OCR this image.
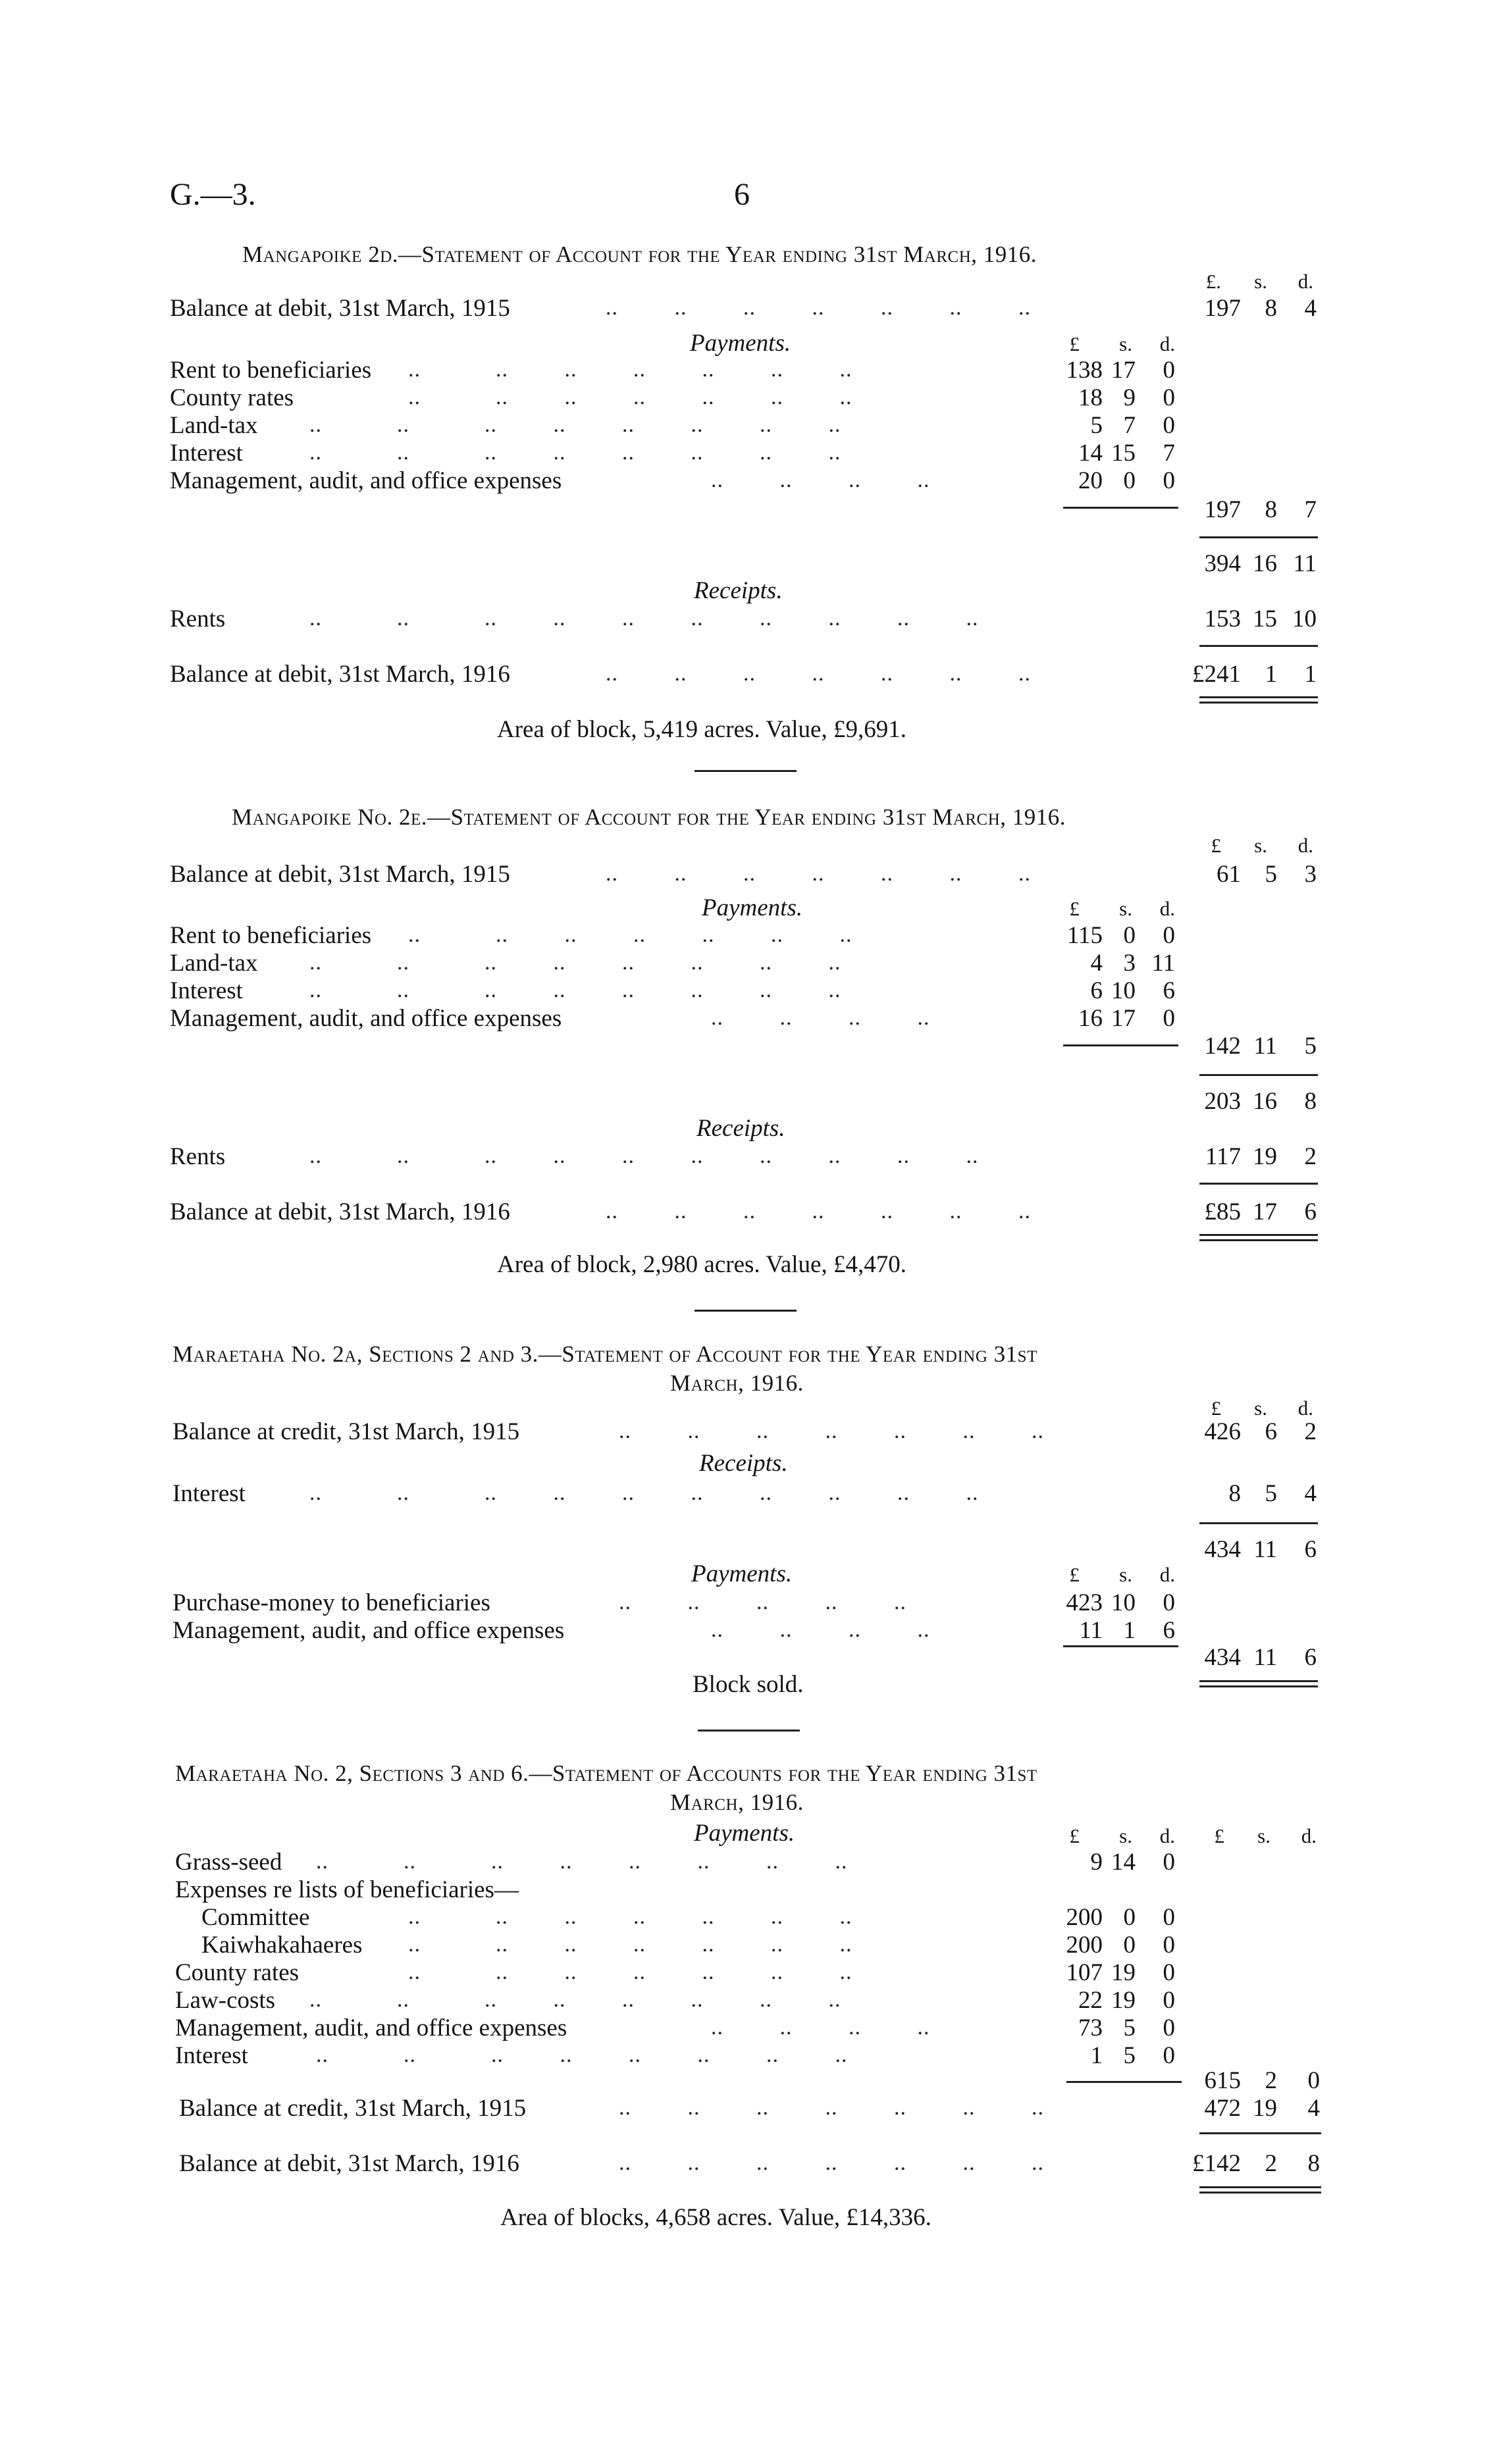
G.—3.	6
Mangapoike 2d.—Statement of Account for the Year ending 31st March, 1916.
£.	s.	d.
Balance at debit, 31st March, 1915	..         ..         ..         ..         ..         ..         ..	197 8	4
Payments.	£	s.	d.
Rent to beneficiaries ..            ..         ..         ..         ..         ..         ..	138 17	0
County rates	..            ..         ..         ..         ..         ..         ..	18 9	0
Land-tax ..            ..            ..         ..         ..         ..         ..         ..	5 7	0
Interest	..            ..            ..         ..         ..         ..         ..         ..	14 15	7
Management, audit, and office expenses	..         ..         ..         ..	20 0	0
197 8	7
394 16 11
Receipts.
Rents	..            ..            ..         ..         ..         ..         ..         ..         ..         ..	153 15 10
Balance at debit, 31st March, 1916	..         ..         ..         ..         ..         ..         ..	£241 1	1
Area of block, 5,419 acres. Value, £9,691.
Mangapoike No. 2e.—Statement of Account for the Year ending 31st March, 1916.
£	s.	d.
Balance at debit, 31st March, 1915	..         ..         ..         ..         ..         ..         ..	61 5	3
Payments.	£	s.	d.
Rent to beneficiaries ..            ..         ..         ..         ..         ..         ..	115 0	0
Land-tax ..            ..            ..         ..         ..         ..         ..         ..	4 3 11
Interest	..            ..            ..         ..         ..         ..         ..         ..	6 10	6
Management, audit, and office expenses	..         ..         ..         ..	16 17	0
142 11	5
203 16	8
Receipts.
Rents	..            ..            ..         ..         ..         ..         ..         ..         ..         ..	117 19	2
Balance at debit, 31st March, 1916	..         ..         ..         ..         ..         ..         ..	£85 17	6
Area of block, 2,980 acres. Value, £4,470.
Maraetaha No. 2a, Sections 2 and 3.—Statement of Account for the Year ending 31st
March, 1916.
£	s.	d.
Balance at credit, 31st March, 1915	..         ..         ..         ..         ..         ..         ..	426 6	2
Receipts.
Interest	..            ..            ..         ..         ..         ..         ..         ..         ..         ..	8 5	4
434 11	6
Payments.	£	s.	d.
Purchase-money to beneficiaries	..         ..         ..         ..         ..	423 10	0
Management, audit, and office expenses	..         ..         ..         ..	11 1	6
434 11	6
Block sold.
Maraetaha No. 2, Sections 3 and 6.—Statement of Accounts for the Year ending 31st
March, 1916.
Payments.	£	s.	d.	£	s.	d.
Grass-seed ..            ..            ..         ..         ..         ..         ..         ..	9 14	0
Expenses re lists of beneficiaries—
Committee	..            ..         ..         ..         ..         ..         ..	200 0	0
Kaiwhakahaeres ..            ..         ..         ..         ..         ..         ..	200 0	0
County rates	..            ..         ..         ..         ..         ..         ..	107 19	0
Law-costs ..            ..            ..         ..         ..         ..         ..         ..	22 19	0
Management, audit, and office expenses	..         ..         ..         ..	73 5	0
Interest	..            ..            ..         ..         ..         ..         ..         ..	1 5	0
615 2	0
Balance at credit, 31st March, 1915	..         ..         ..         ..         ..         ..         ..	472 19	4
Balance at debit, 31st March, 1916	..         ..         ..         ..         ..         ..         ..	£142 2	8
Area of blocks, 4,658 acres. Value, £14,336.
